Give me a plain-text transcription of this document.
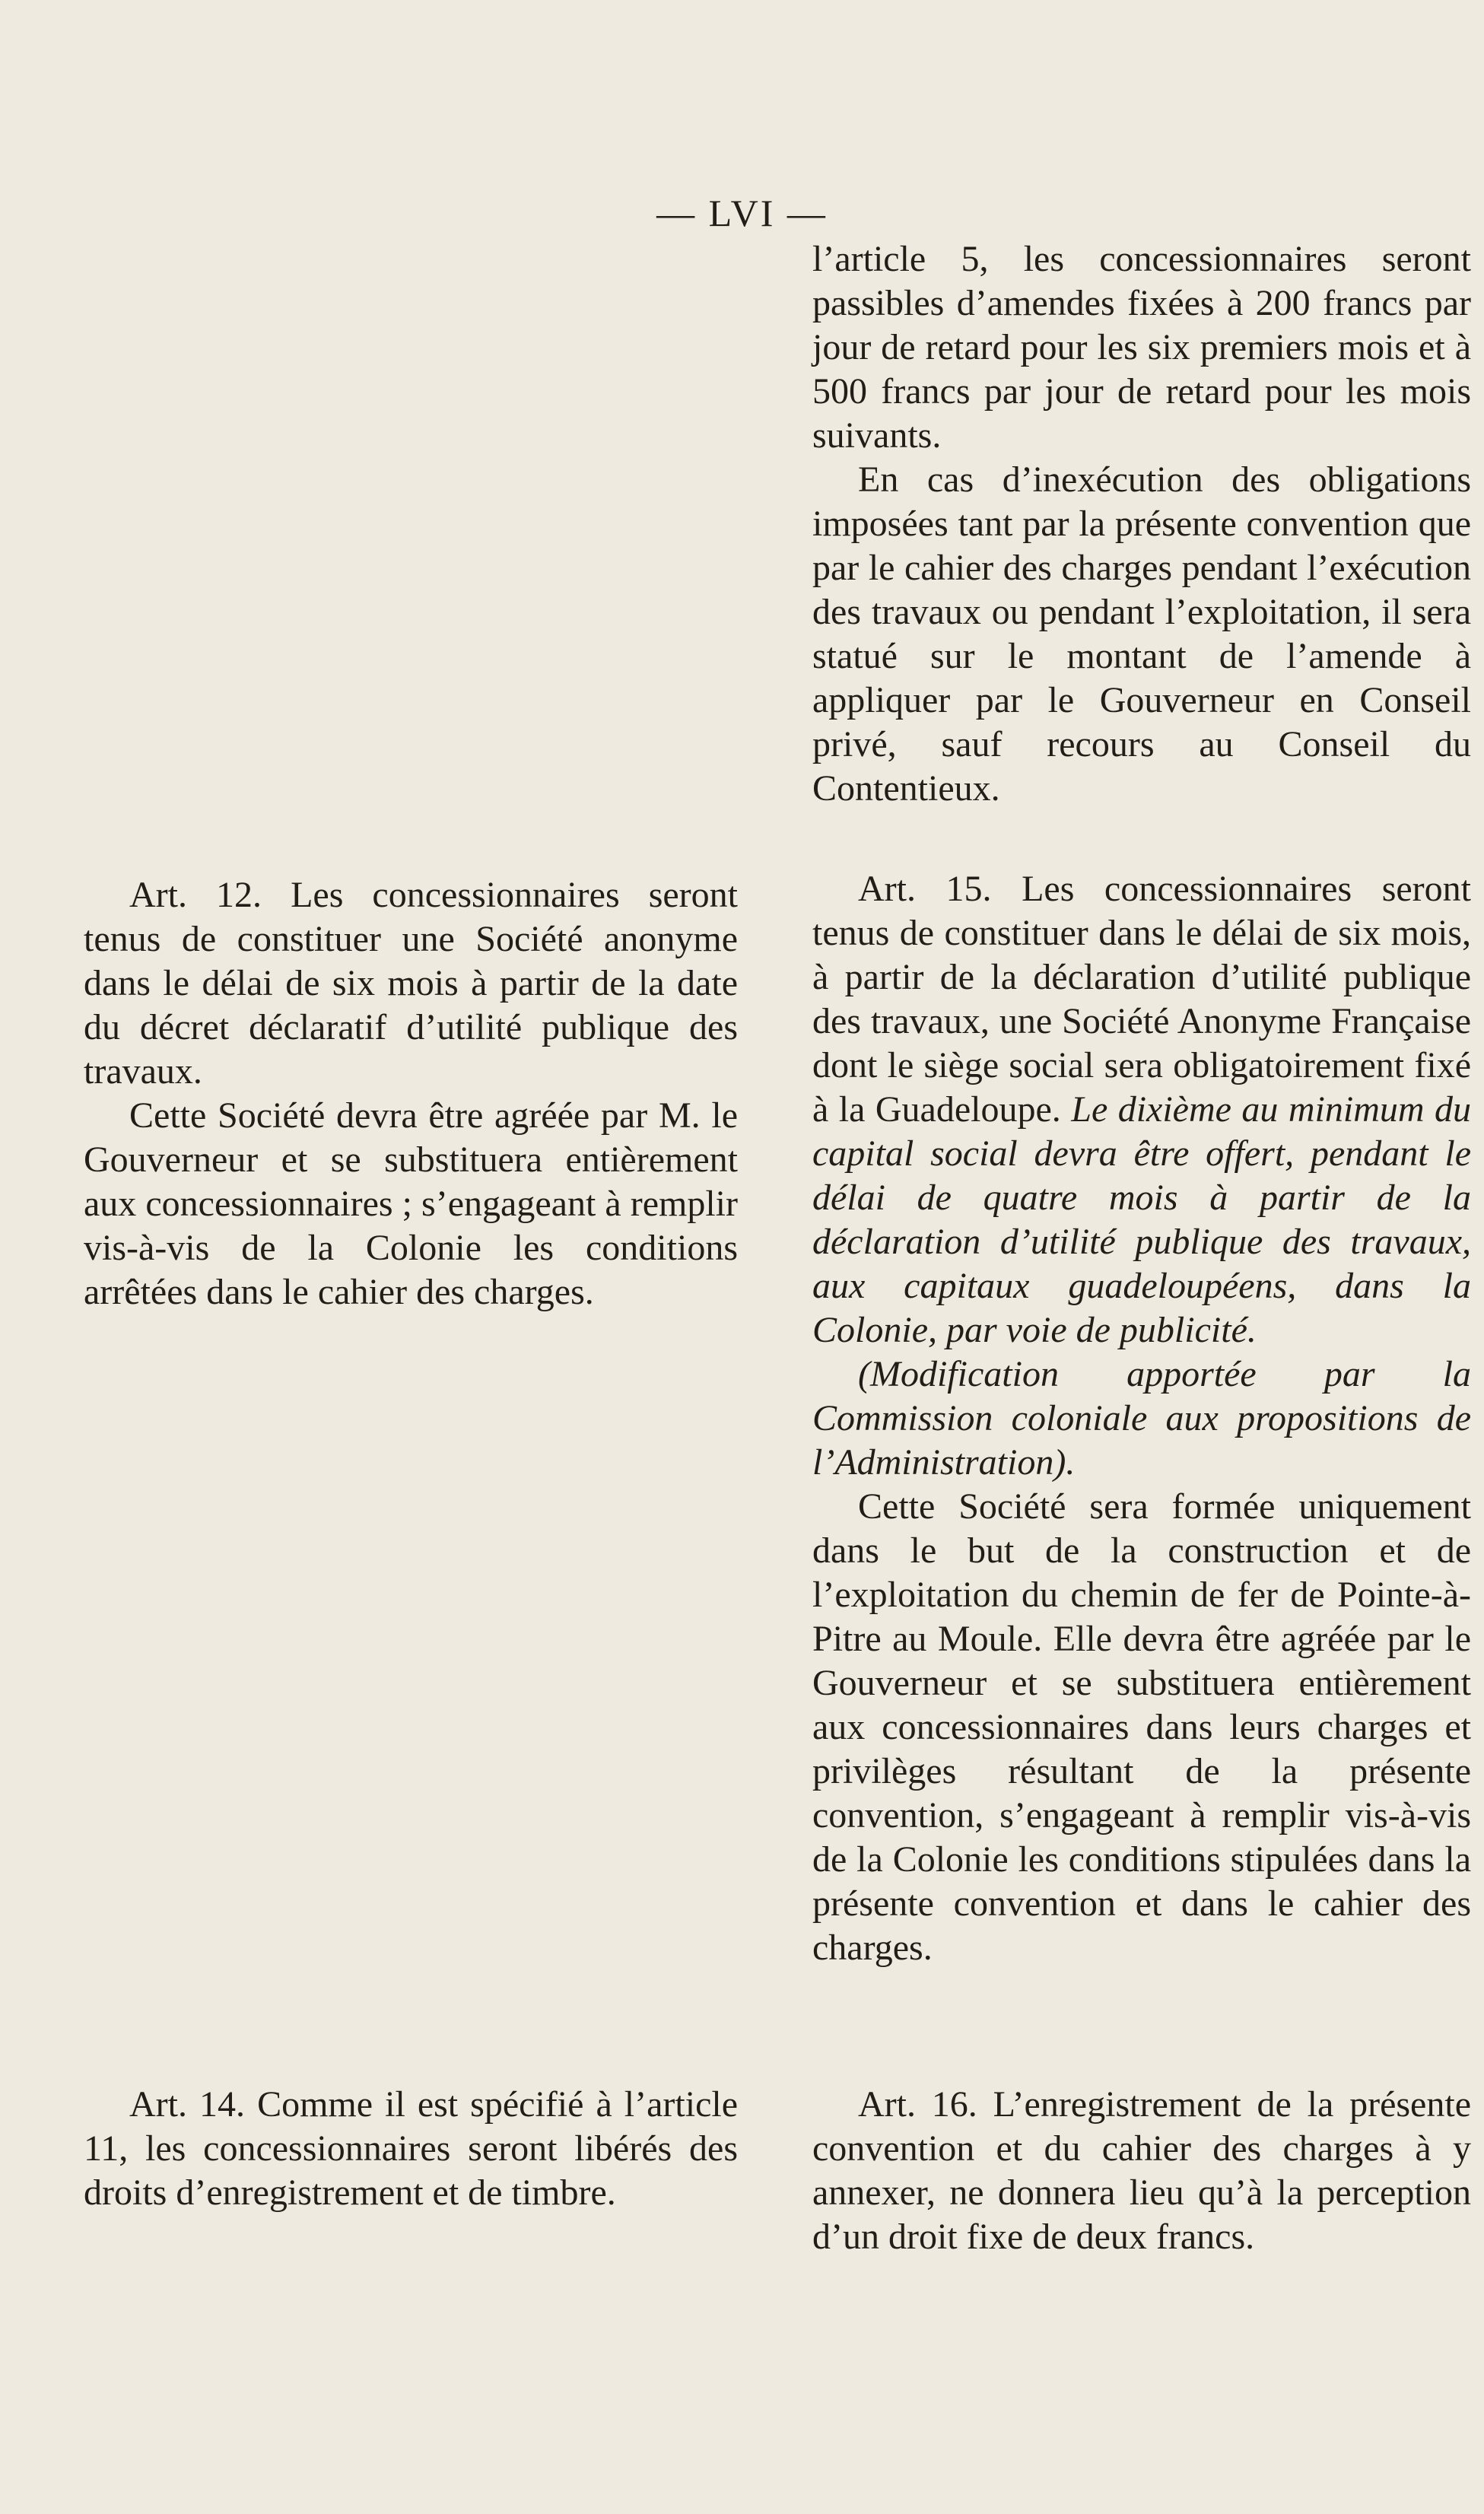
— LVI —

l’article 5, les concessionnaires seront passibles d’amendes fixées à 200 francs par jour de retard pour les six premiers mois et à 500 francs par jour de retard pour les mois suivants.

En cas d’inexécution des obligations imposées tant par la présente convention que par le cahier des charges pendant l’exécution des travaux ou pendant l’exploitation, il sera statué sur le montant de l’amende à appliquer par le Gouverneur en Conseil privé, sauf recours au Conseil du Contentieux.

Art. 12. Les concessionnaires seront tenus de constituer une Société anonyme dans le délai de six mois à partir de la date du décret déclaratif d’utilité publique des travaux.

Cette Société devra être agréée par M. le Gouverneur et se substituera entièrement aux concessionnaires ; s’engageant à remplir vis-à-vis de la Colonie les conditions arrêtées dans le cahier des charges.

Art. 15. Les concessionnaires seront tenus de constituer dans le délai de six mois, à partir de la déclaration d’utilité publique des travaux, une Société Anonyme Française dont le siège social sera obligatoirement fixé à la Guadeloupe. Le dixième au minimum du capital social devra être offert, pendant le délai de quatre mois à partir de la déclaration d’utilité publique des travaux, aux capitaux guadeloupéens, dans la Colonie, par voie de publicité.

(Modification apportée par la Commission coloniale aux propositions de l’Administration).

Cette Société sera formée uniquement dans le but de la construction et de l’exploitation du chemin de fer de Pointe-à-Pitre au Moule. Elle devra être agréée par le Gouverneur et se substituera entièrement aux concessionnaires dans leurs charges et privilèges résultant de la présente convention, s’engageant à remplir vis-à-vis de la Colonie les conditions stipulées dans la présente convention et dans le cahier des charges.

Art. 14. Comme il est spécifié à l’article 11, les concessionnaires seront libérés des droits d’enregistrement et de timbre.

Art. 16. L’enregistrement de la présente convention et du cahier des charges à y annexer, ne donnera lieu qu’à la perception d’un droit fixe de deux francs.
